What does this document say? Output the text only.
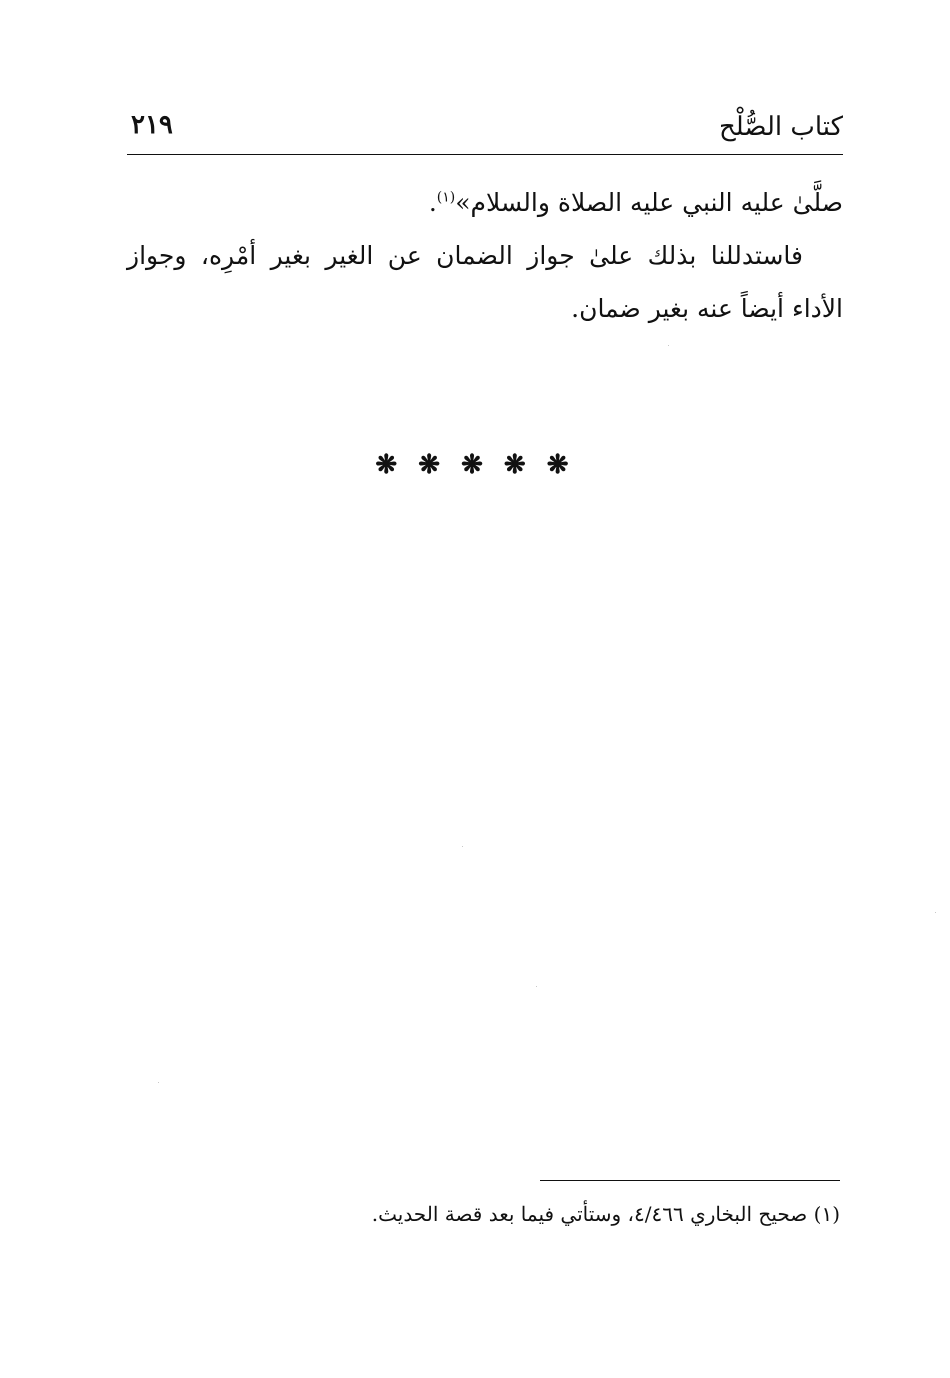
كتاب الصُّلْح
٢١٩

صلَّىٰ عليه النبي عليه الصلاة والسلام»$^{(١)}$.

فاستدللنا بذلك علىٰ جواز الضمان عن الغير بغير أمْرِه، وجواز الأداء أيضاً عنه بغير ضمان.

❋ ❋ ❋ ❋ ❋
(١) صحيح البخاري ٤/٤٦٦، وستأتي فيما بعد قصة الحديث.
